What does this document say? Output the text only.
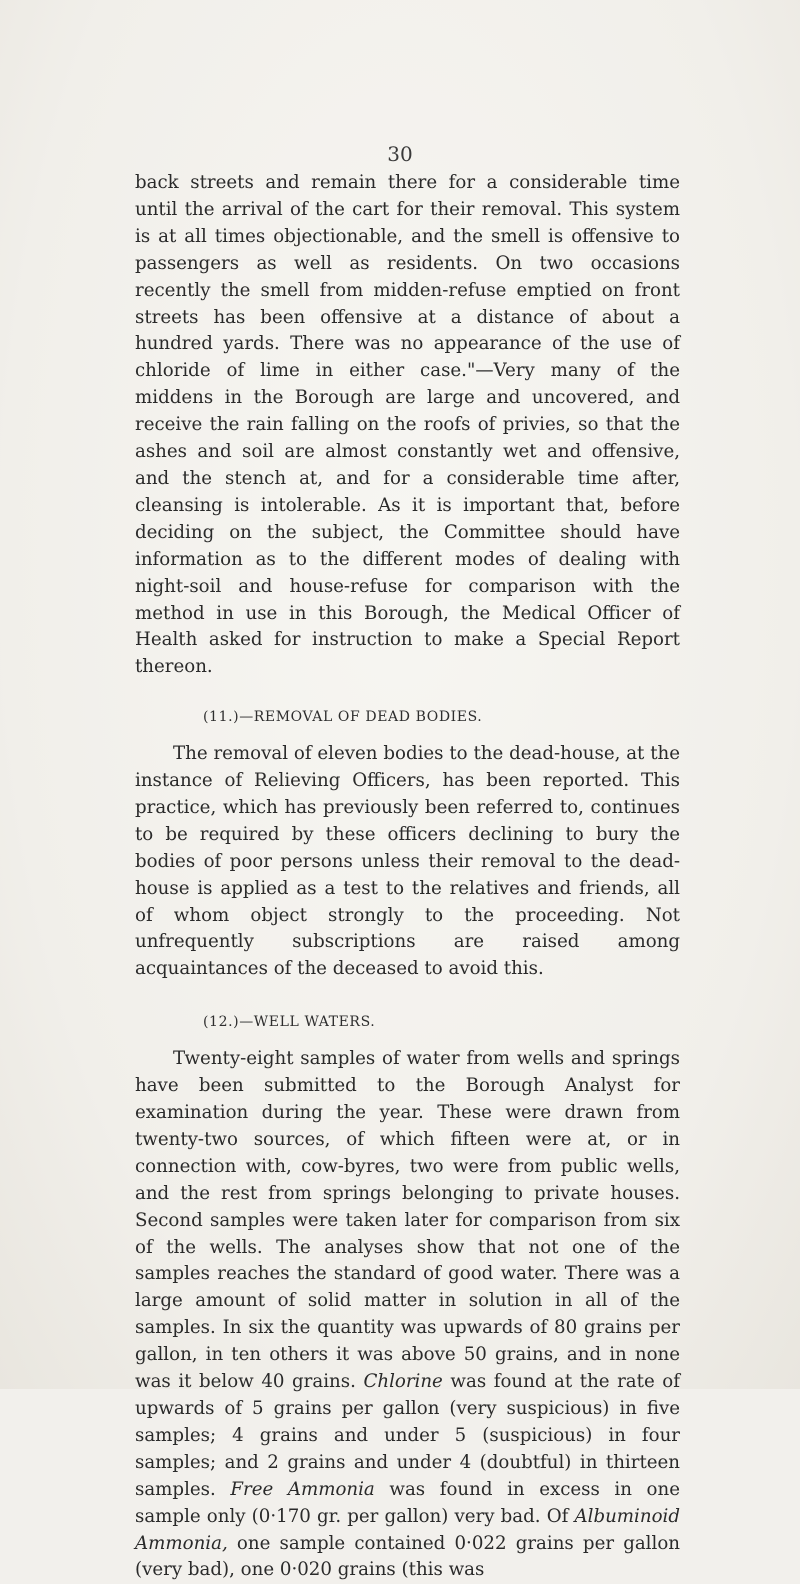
30

back streets and remain there for a considerable time until the arrival of the cart for their removal. This system is at all times objectionable, and the smell is offensive to passengers as well as residents. On two occasions recently the smell from midden-refuse emptied on front streets has been offensive at a distance of about a hundred yards. There was no appearance of the use of chloride of lime in either case."—Very many of the middens in the Borough are large and uncovered, and receive the rain falling on the roofs of privies, so that the ashes and soil are almost constantly wet and offensive, and the stench at, and for a considerable time after, cleansing is intolerable. As it is important that, before deciding on the subject, the Committee should have information as to the different modes of dealing with night-soil and house-refuse for comparison with the method in use in this Borough, the Medical Officer of Health asked for instruction to make a Special Report thereon.

(11.)—REMOVAL OF DEAD BODIES.

The removal of eleven bodies to the dead-house, at the instance of Relieving Officers, has been reported. This practice, which has previously been referred to, continues to be required by these officers declining to bury the bodies of poor persons unless their removal to the dead-house is applied as a test to the relatives and friends, all of whom object strongly to the proceeding. Not unfrequently subscriptions are raised among acquaintances of the deceased to avoid this.

(12.)—WELL WATERS.

Twenty-eight samples of water from wells and springs have been submitted to the Borough Analyst for examination during the year. These were drawn from twenty-two sources, of which fifteen were at, or in connection with, cow-byres, two were from public wells, and the rest from springs belonging to private houses. Second samples were taken later for comparison from six of the wells. The analyses show that not one of the samples reaches the standard of good water. There was a large amount of solid matter in solution in all of the samples. In six the quantity was upwards of 80 grains per gallon, in ten others it was above 50 grains, and in none was it below 40 grains. Chlorine was found at the rate of upwards of 5 grains per gallon (very suspicious) in five samples; 4 grains and under 5 (suspicious) in four samples; and 2 grains and under 4 (doubtful) in thirteen samples. Free Ammonia was found in excess in one sample only (0·170 gr. per gallon) very bad. Of Albuminoid Ammonia, one sample contained 0·022 grains per gallon (very bad), one 0·020 grains (this was
